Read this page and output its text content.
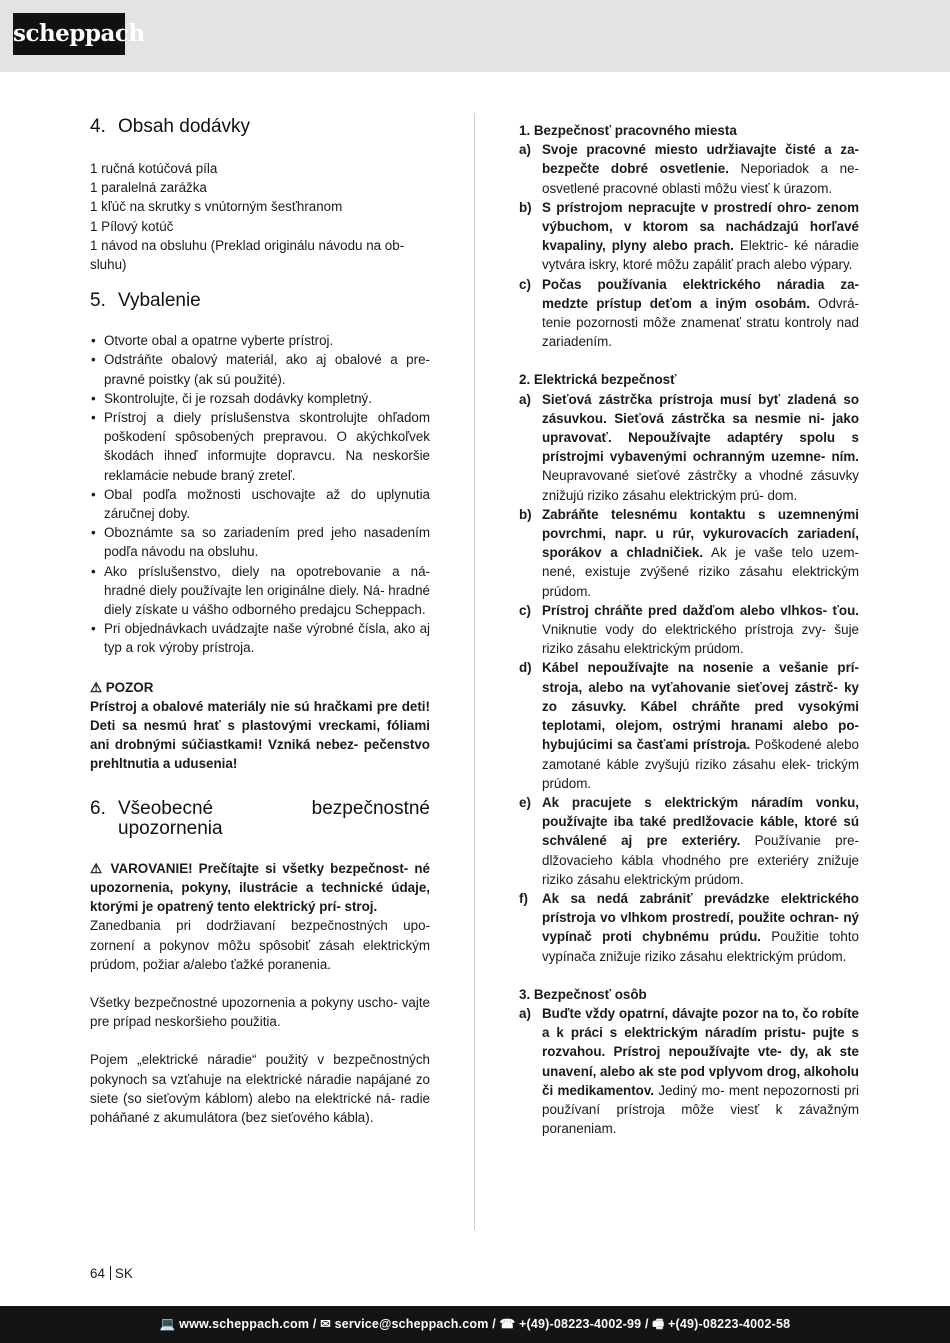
scheppach
4. Obsah dodávky

1 ručná kotúčová píla

1 paralelná zarážka

1 kľúč na skrutky s vnútorným šesťhranom

1 Pílový kotúč

1 návod na obsluhu (Preklad originálu návodu na ob-

sluhu)

5. Vybalenie
• Otvorte obal a opatrne vyberte prístroj.
• Odstráňte obalový materiál, ako aj obalové a pre- pravné poistky (ak sú použité).
• Skontrolujte, či je rozsah dodávky kompletný.
• Prístroj a diely príslušenstva skontrolujte ohľadom poškodení spôsobených prepravou. O akýchkoľvek škodách ihneď informujte dopravcu. Na neskoršie reklamácie nebude braný zreteľ.
• Obal podľa možnosti uschovajte až do uplynutia záručnej doby.
• Oboznámte sa so zariadením pred jeho nasadením podľa návodu na obsluhu.
• Ako príslušenstvo, diely na opotrebovanie a ná- hradné diely používajte len originálne diely. Ná- hradné diely získate u vášho odborného predajcu Scheppach.
• Pri objednávkach uvádzajte naše výrobné čísla, ako aj typ a rok výroby prístroja.
⚠ POZOR

Prístroj a obalové materiály nie sú hračkami pre deti! Deti sa nesmú hrať s plastovými vreckami, fóliami ani drobnými súčiastkami! Vzniká nebez- pečenstvo prehltnutia a udusenia!

6. Všeobecné	bezpečnostné
upozornenia

⚠ VAROVANIE! Prečítajte si všetky bezpečnost- né upozornenia, pokyny, ilustrácie a technické údaje, ktorými je opatrený tento elektrický prí- stroj.

Zanedbania pri dodržiavaní bezpečnostných upo- zornení a pokynov môžu spôsobiť zásah elektrickým prúdom, požiar a/alebo ťažké poranenia.

Všetky bezpečnostné upozornenia a pokyny uscho- vajte pre prípad neskoršieho použitia.

Pojem „elektrické náradie“ použitý v bezpečnostných pokynoch sa vzťahuje na elektrické náradie napájané zo siete (so sieťovým káblom) alebo na elektrické ná- radie poháňané z akumulátora (bez sieťového kábla).

1. Bezpečnosť pracovného miesta
a) Svoje pracovné miesto udržiavajte čisté a za- bezpečte dobré osvetlenie. Neporiadok a ne- osvetlené pracovné oblasti môžu viesť k úrazom.
b) S prístrojom nepracujte v prostredí ohro- zenom výbuchom, v ktorom sa nachádzajú horľavé kvapaliny, plyny alebo prach. Elektric- ké náradie vytvára iskry, ktoré môžu zapáliť prach alebo výpary.
c) Počas používania elektrického náradia za- medzte prístup deťom a iným osobám. Odvrá- tenie pozornosti môže znamenať stratu kontroly nad zariadením.
2. Elektrická bezpečnosť
a) Sieťová zástrčka prístroja musí byť zladená so zásuvkou. Sieťová zástrčka sa nesmie ni- jako upravovať. Nepoužívajte adaptéry spolu s prístrojmi vybavenými ochranným uzemne- ním. Neupravované sieťové zástrčky a vhodné zásuvky znižujú riziko zásahu elektrickým prú- dom.
b) Zabráňte telesnému kontaktu s uzemnenými povrchmi, napr. u rúr, vykurovacích zariadení, sporákov a chladničiek. Ak je vaše telo uzem- nené, existuje zvýšené riziko zásahu elektrickým prúdom.
c) Prístroj chráňte pred dažďom alebo vlhkos- ťou. Vniknutie vody do elektrického prístroja zvy- šuje riziko zásahu elektrickým prúdom.
d) Kábel nepoužívajte na nosenie a vešanie prí- stroja, alebo na vyťahovanie sieťovej zástrč- ky zo zásuvky. Kábel chráňte pred vysokými teplotami, olejom, ostrými hranami alebo po- hybujúcimi sa časťami prístroja. Poškodené alebo zamotané káble zvyšujú riziko zásahu elek- trickým prúdom.
e) Ak pracujete s elektrickým náradím vonku, používajte iba také predlžovacie káble, ktoré sú schválené aj pre exteriéry. Používanie pre- dlžovacieho kábla vhodného pre exteriéry znižuje riziko zásahu elektrickým prúdom.
f) Ak sa nedá zabrániť prevádzke elektrického prístroja vo vlhkom prostredí, použite ochran- ný vypínač proti chybnému prúdu. Použitie tohto vypínača znižuje riziko zásahu elektrickým prúdom.
3. Bezpečnosť osôb
a) Buďte vždy opatrní, dávajte pozor na to, čo robíte a k práci s elektrickým náradím pristu- pujte s rozvahou. Prístroj nepoužívajte vte- dy, ak ste unavení, alebo ak ste pod vplyvom drog, alkoholu či medikamentov. Jediný mo- ment nepozornosti pri používaní prístroja môže viesť k závažným poraneniam.
64 SK
💻 www.scheppach.com / ✉ service@scheppach.com / ☎ +(49)-08223-4002-99 / 🖷 +(49)-08223-4002-58
